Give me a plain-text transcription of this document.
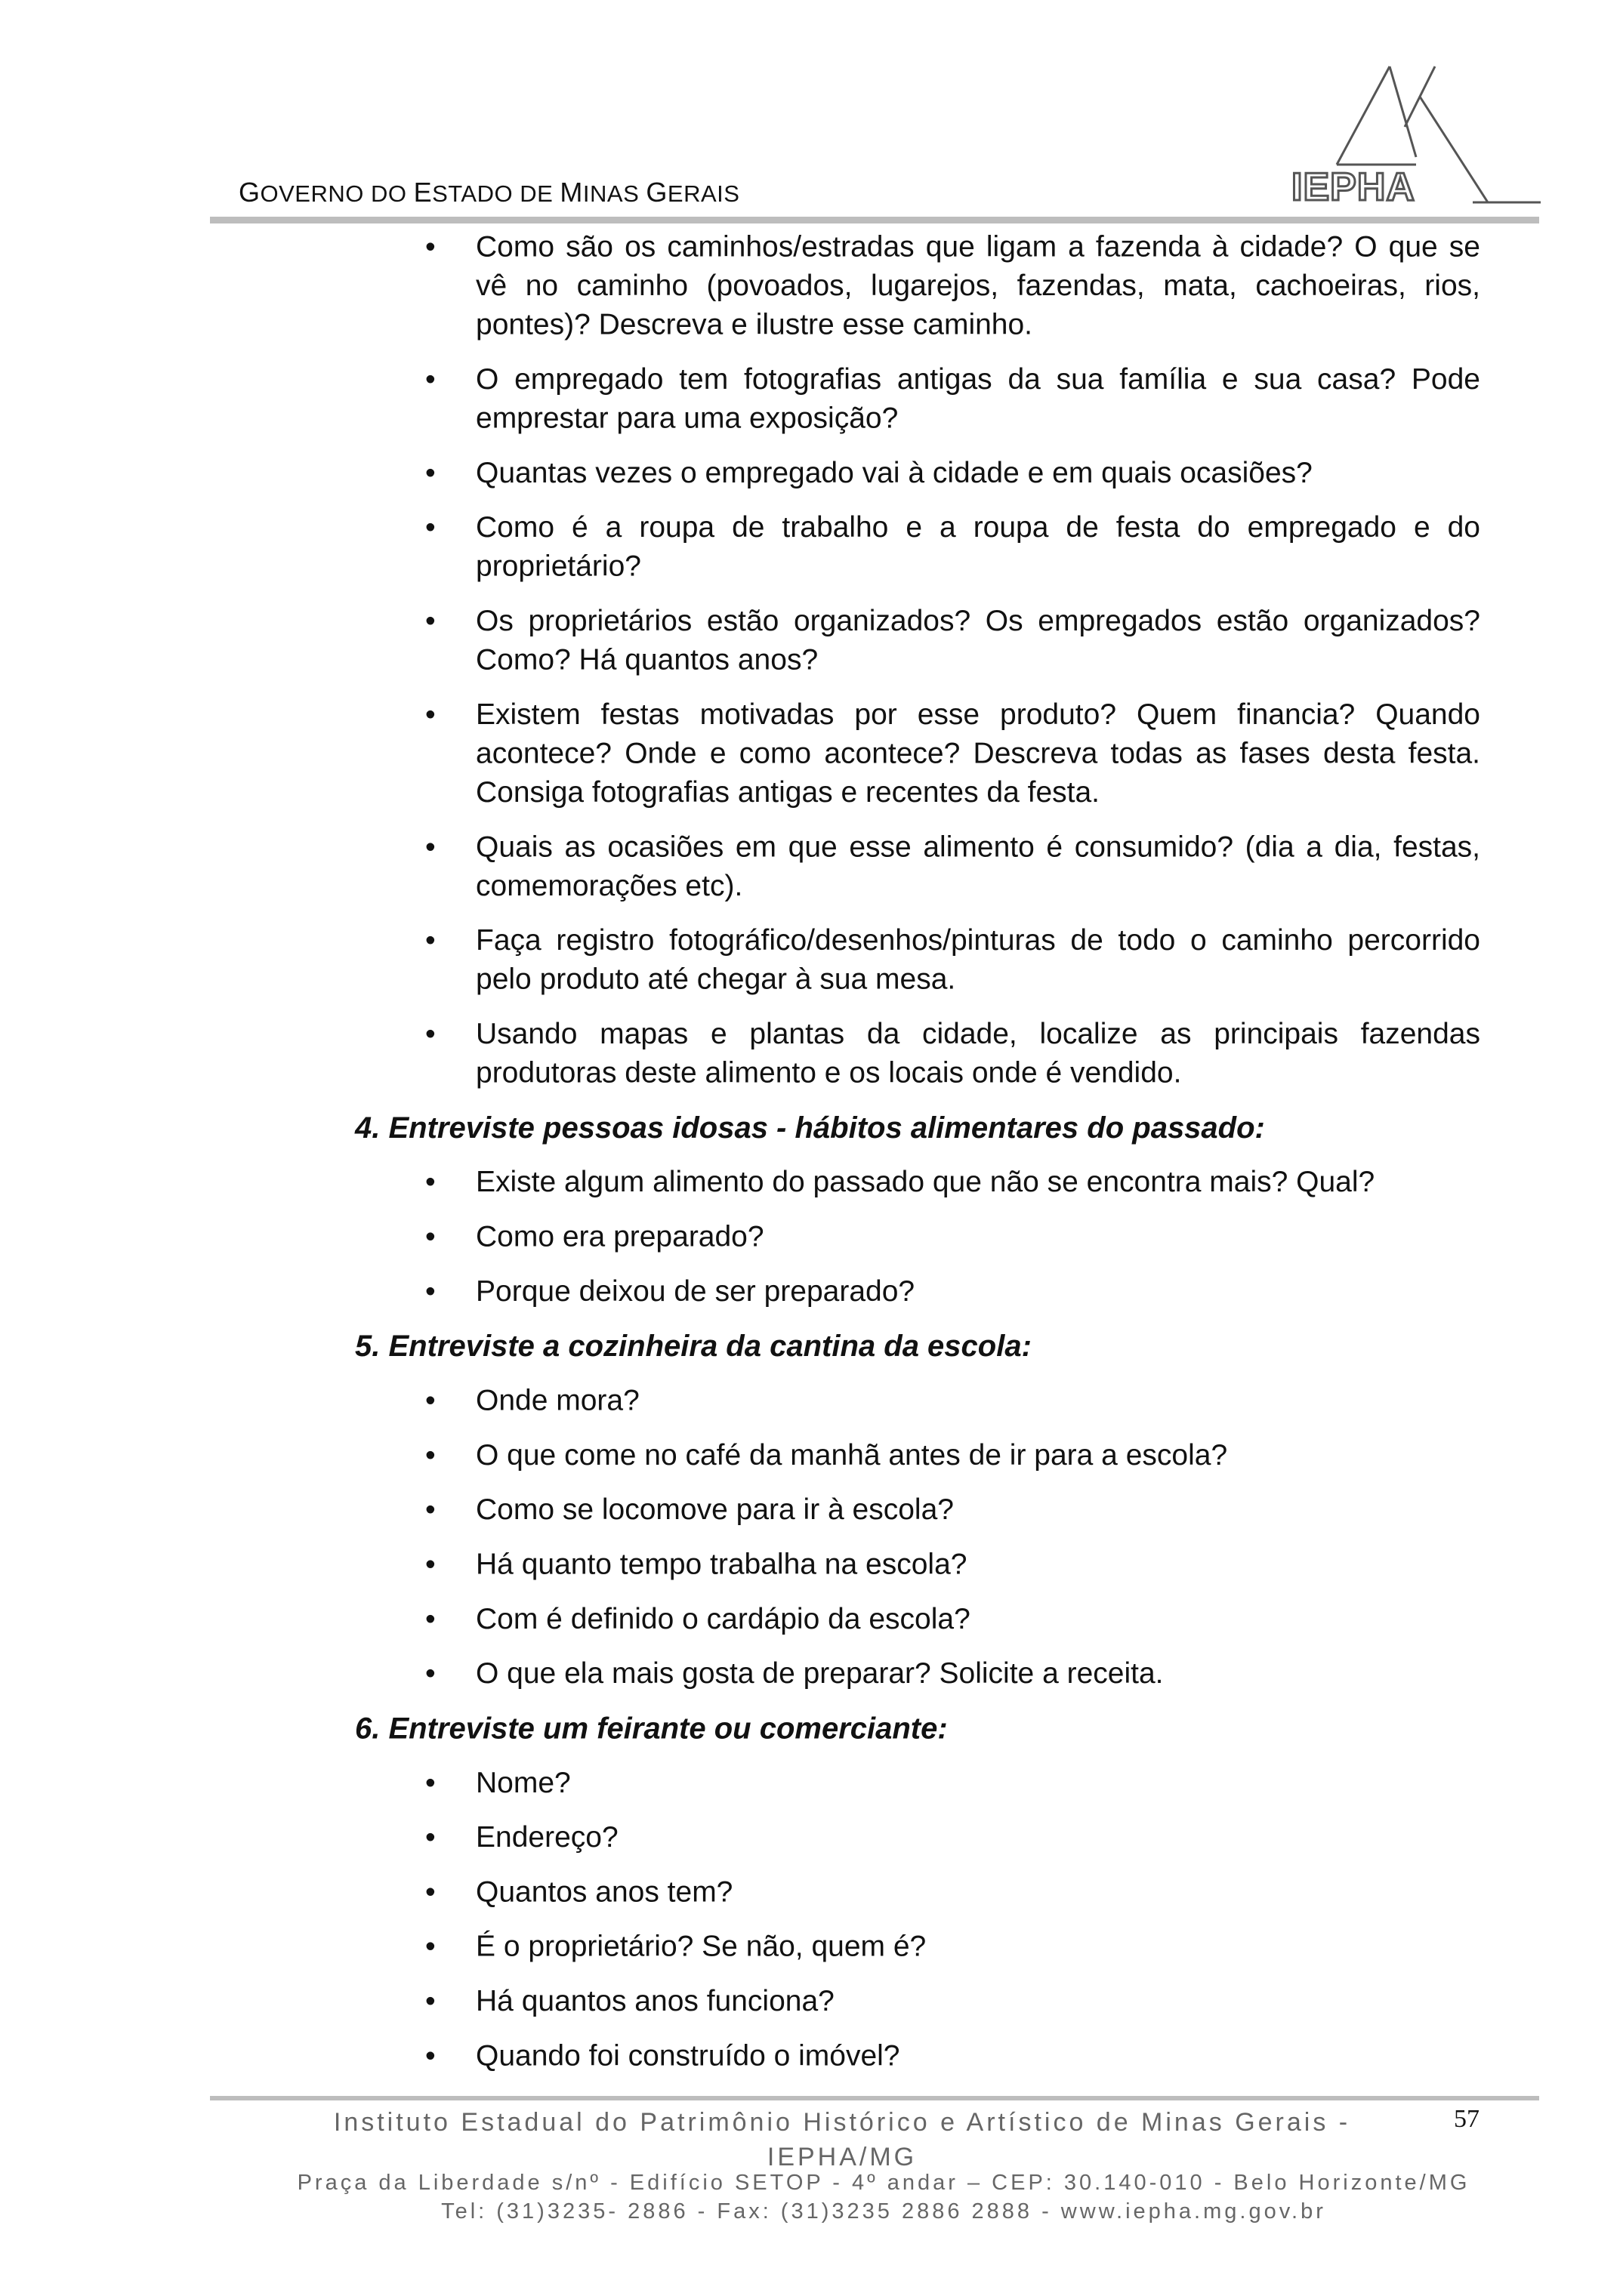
GOVERNO DO ESTADO DE MINAS GERAIS	IEPHA
• Como são os caminhos/estradas que ligam a fazenda à cidade? O que se vê no caminho (povoados, lugarejos, fazendas, mata, cachoeiras, rios, pontes)? Descreva e ilustre esse caminho.
• O empregado tem fotografias antigas da sua família e sua casa? Pode emprestar para uma exposição?
• Quantas vezes o empregado vai à cidade e em quais ocasiões?
• Como é a roupa de trabalho e a roupa de festa do empregado e do proprietário?
• Os proprietários estão organizados? Os empregados estão organizados? Como? Há quantos anos?
• Existem festas motivadas por esse produto? Quem financia? Quando acontece? Onde e como acontece? Descreva todas as fases desta festa. Consiga fotografias antigas e recentes da festa.
• Quais as ocasiões em que esse alimento é consumido? (dia a dia, festas, comemorações etc).
• Faça registro fotográfico/desenhos/pinturas de todo o caminho percorrido pelo produto até chegar à sua mesa.
• Usando mapas e plantas da cidade, localize as principais fazendas produtoras deste alimento e os locais onde é vendido.
4. Entreviste pessoas idosas - hábitos alimentares do passado:
• Existe algum alimento do passado que não se encontra mais? Qual?
• Como era preparado?
• Porque deixou de ser preparado?
5. Entreviste a cozinheira da cantina da escola:
• Onde mora?
• O que come no café da manhã antes de ir para a escola?
• Como se locomove para ir à escola?
• Há quanto tempo trabalha na escola?
• Com é definido o cardápio da escola?
• O que ela mais gosta de preparar? Solicite a receita.
6. Entreviste um feirante ou comerciante:
• Nome?
• Endereço?
• Quantos anos tem?
• É o proprietário? Se não, quem é?
• Há quantos anos funciona?
• Quando foi construído o imóvel?
Instituto Estadual do Patrimônio Histórico e Artístico de Minas Gerais -
IEPHA/MG
57
Praça da Liberdade s/nº - Edifício SETOP - 4º andar – CEP: 30.140-010 - Belo Horizonte/MG
Tel: (31)3235- 2886 - Fax: (31)3235 2886 2888 - www.iepha.mg.gov.br
